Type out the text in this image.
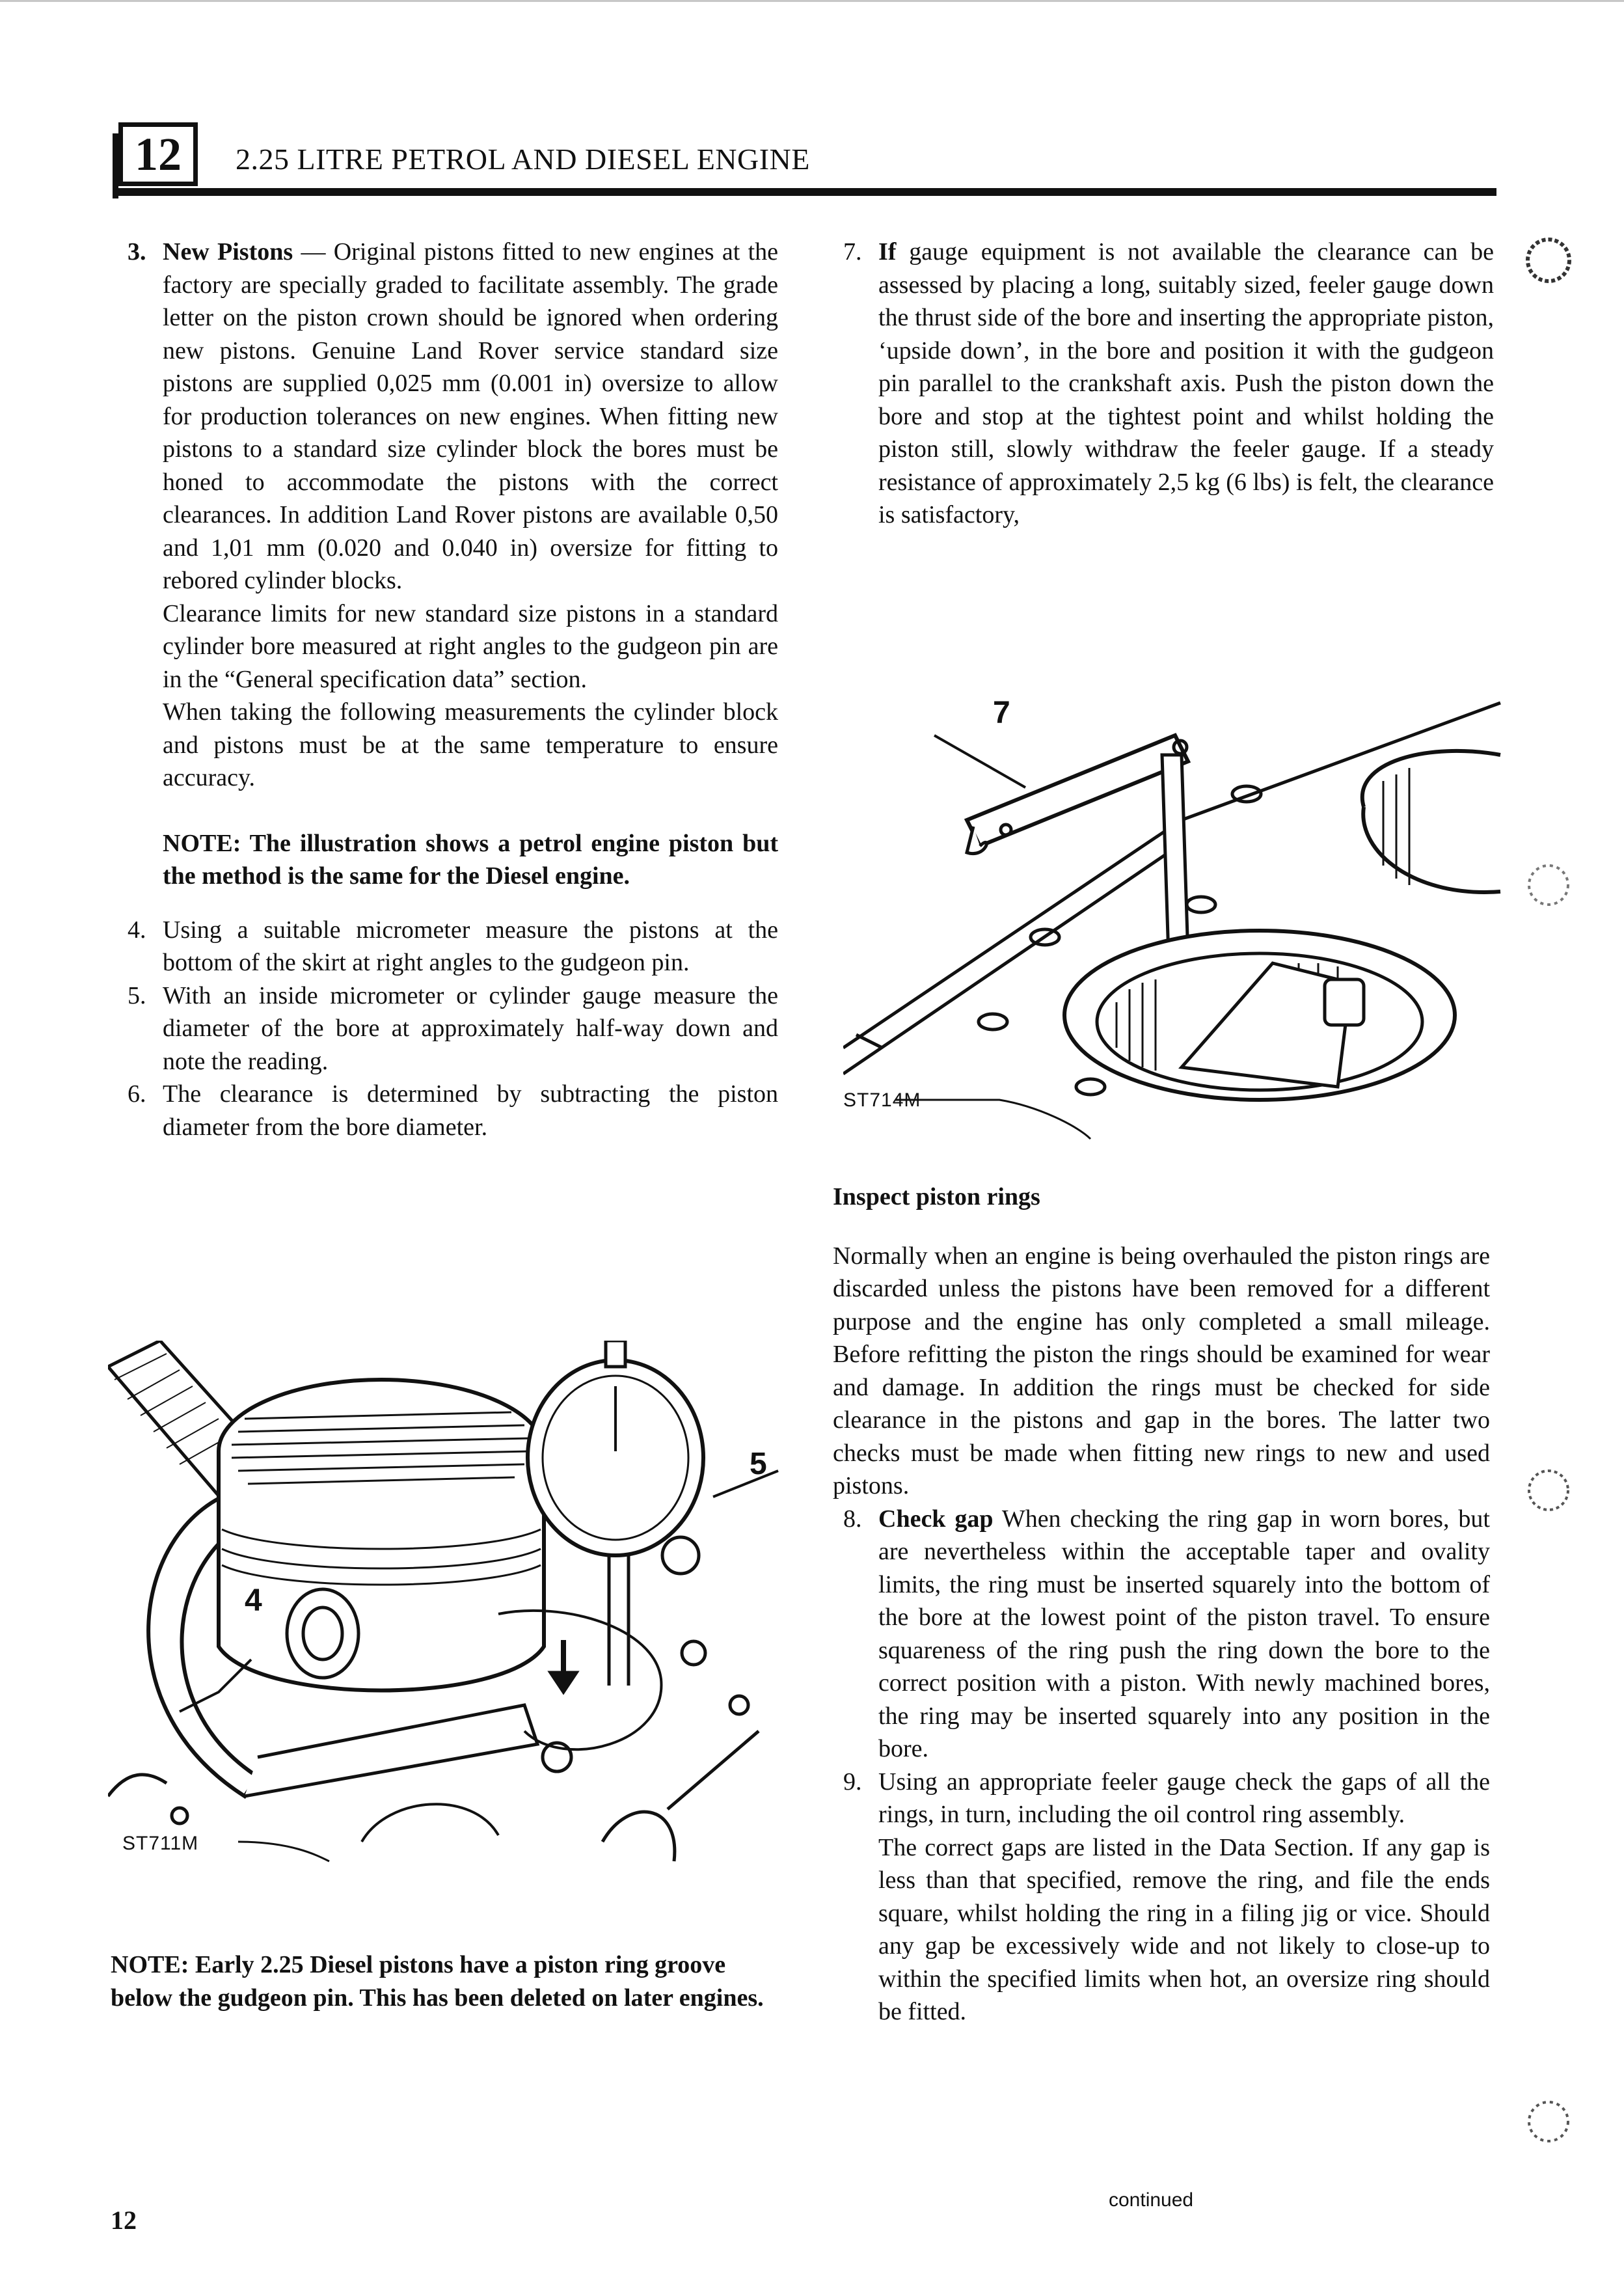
12	2.25 LITRE PETROL AND DIESEL ENGINE
3. New Pistons — Original pistons fitted to new engines at the factory are specially graded to facilitate assembly. The grade letter on the piston crown should be ignored when ordering new pistons. Genuine Land Rover service standard size pistons are supplied 0,025 mm (0.001 in) oversize to allow for production tolerances on new engines. When fitting new pistons to a standard size cylinder block the bores must be honed to accommodate the pistons with the correct clearances. In addition Land Rover pistons are available 0,50 and 1,01 mm (0.020 and 0.040 in) oversize for fitting to rebored cylinder blocks.

Clearance limits for new standard size pistons in a standard cylinder bore measured at right angles to the gudgeon pin are in the “General specification data” section.

When taking the following measurements the cylinder block and pistons must be at the same temperature to ensure accuracy.

NOTE: The illustration shows a petrol engine piston but the method is the same for the Diesel engine.

4. Using a suitable micrometer measure the pistons at the bottom of the skirt at right angles to the gudgeon pin.
5. With an inside micrometer or cylinder gauge measure the diameter of the bore at approximately half-way down and note the reading.
6. The clearance is determined by subtracting the piston diameter from the bore diameter.
4
5
ST711M

NOTE: Early 2.25 Diesel pistons have a piston ring groove below the gudgeon pin. This has been deleted on later engines.

7. If gauge equipment is not available the clearance can be assessed by placing a long, suitably sized, feeler gauge down the thrust side of the bore and inserting the appropriate piston, ‘upside down’, in the bore and position it with the gudgeon pin parallel to the crankshaft axis. Push the piston down the bore and stop at the tightest point and whilst holding the piston still, slowly withdraw the feeler gauge. If a steady resistance of approximately 2,5 kg (6 lbs) is felt, the clearance is satisfactory,
7
ST714M

Inspect piston rings

Normally when an engine is being overhauled the piston rings are discarded unless the pistons have been removed for a different purpose and the engine has only completed a small mileage. Before refitting the piston the rings should be examined for wear and damage. In addition the rings must be checked for side clearance in the pistons and gap in the bores. The latter two checks must be made when fitting new rings to new and used pistons.

8. Check gap When checking the ring gap in worn bores, but are nevertheless within the acceptable taper and ovality limits, the ring must be inserted squarely into the bottom of the bore at the lowest point of the piston travel. To ensure squareness of the ring push the ring down the bore to the correct position with a piston. With newly machined bores, the ring may be inserted squarely into any position in the bore.
9. Using an appropriate feeler gauge check the gaps of all the rings, in turn, including the oil control ring assembly.

The correct gaps are listed in the Data Section. If any gap is less than that specified, remove the ring, and file the ends square, whilst holding the ring in a filing jig or vice. Should any gap be excessively wide and not likely to close-up to within the specified limits when hot, an oversize ring should be fitted.

continued
12
